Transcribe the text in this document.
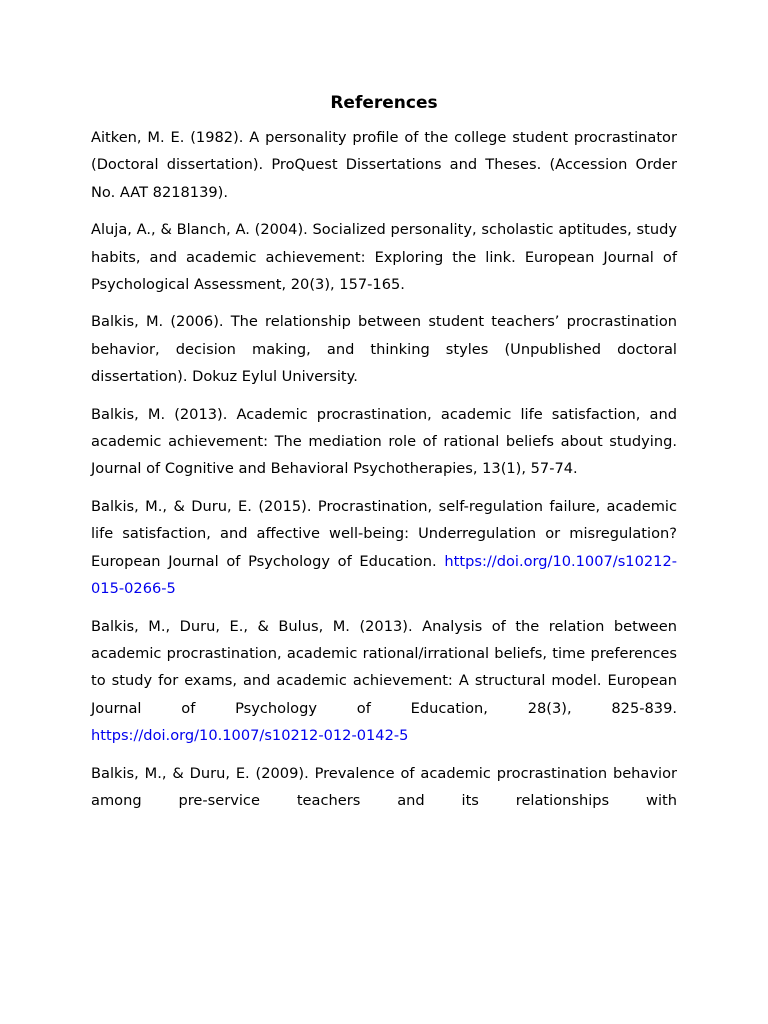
References

Aitken, M. E. (1982). A personality profile of the college student procrastinator (Doctoral dissertation). ProQuest Dissertations and Theses. (Accession Order No. AAT 8218139).

Aluja, A., & Blanch, A. (2004). Socialized personality, scholastic aptitudes, study habits, and academic achievement: Exploring the link. European Journal of Psychological Assessment, 20(3), 157-165.

Balkis, M. (2006). The relationship between student teachers’ procrastination behavior, decision making, and thinking styles (Unpublished doctoral dissertation). Dokuz Eylul University.

Balkis, M. (2013). Academic procrastination, academic life satisfaction, and academic achievement: The mediation role of rational beliefs about studying. Journal of Cognitive and Behavioral Psychotherapies, 13(1), 57-74.

Balkis, M., & Duru, E. (2015). Procrastination, self-regulation failure, academic life satisfaction, and affective well-being: Underregulation or misregulation? European Journal of Psychology of Education. https://doi.org/10.1007/s10212-015-0266-5

Balkis, M., Duru, E., & Bulus, M. (2013). Analysis of the relation between academic procrastination, academic rational/irrational beliefs, time preferences to study for exams, and academic achievement: A structural model. European Journal of Psychology of Education, 28(3), 825-839. https://doi.org/10.1007/s10212-012-0142-5

Balkis, M., & Duru, E. (2009). Prevalence of academic procrastination behavior among pre-service teachers and its relationships with
